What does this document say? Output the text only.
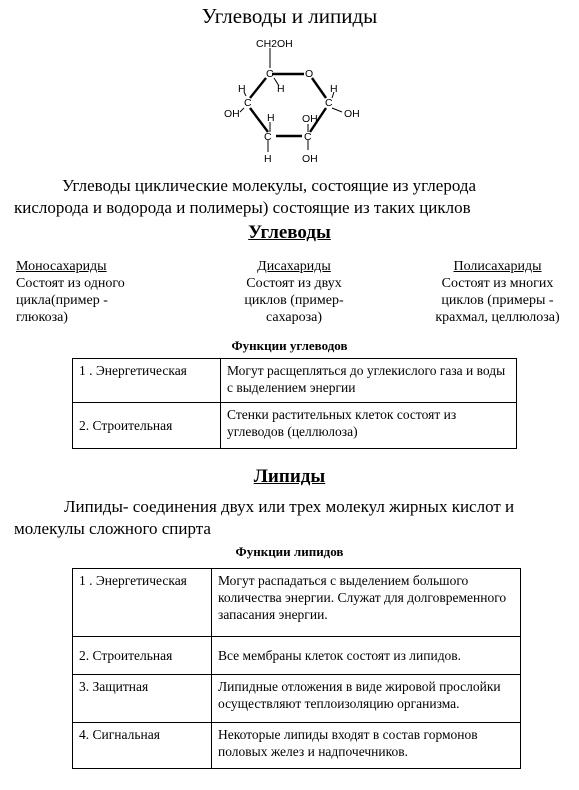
Углеводы и липиды
CH2OH
C	O
H
C	C
H
OH
H
OH
H
C	C
OH
H	OH
Углеводы циклические молекулы, состоящие из углерода
кислорода и водорода и полимеры) состоящие из таких циклов
Углеводы
Моносахариды
Состоят из одного
цикла(пример -
глюкоза)
Дисахариды
Состоят из двух
циклов (пример-
сахароза)
Полисахариды
Состоят из многих
циклов (примеры -
крахмал, целлюлоза)
Функции углеводов
1 . Энергетическая	Могут расщепляться до углекислого газа и воды с выделением энергии
2. Строительная	Стенки растительных клеток состоят из углеводов (целлюлоза)
Липиды
Липиды- соединения двух или трех молекул жирных кислот и
молекулы сложного спирта
Функции липидов
1 . Энергетическая	Могут распадаться с выделением большого количества энергии. Служат для долговременного запасания энергии.
2. Строительная	Все мембраны клеток состоят из липидов.
3. Защитная	Липидные отложения в виде жировой прослойки осуществляют теплоизоляцию организма.
4. Сигнальная	Некоторые липиды входят в состав гормонов половых желез и надпочечников.
